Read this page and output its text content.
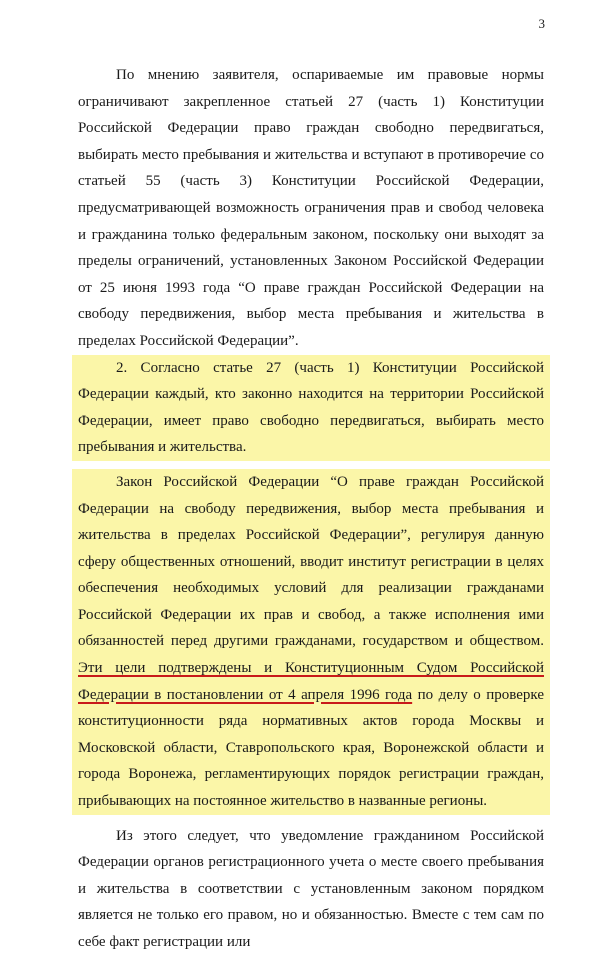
3

По мнению заявителя, оспариваемые им правовые нормы ограничивают закрепленное статьей 27 (часть 1) Конституции Российской Федерации право граждан свободно передвигаться, выбирать место пребывания и жительства и вступают в противоречие со статьей 55 (часть 3) Конституции Российской Федерации, предусматривающей возможность ограничения прав и свобод человека и гражданина только федеральным законом, поскольку они выходят за пределы ограничений, установленных Законом Российской Федерации от 25 июня 1993 года “О праве граждан Российской Федерации на свободу передвижения, выбор места пребывания и жительства в пределах Российской Федерации”.

2. Согласно статье 27 (часть 1) Конституции Российской Федерации каждый, кто законно находится на территории Российской Федерации, имеет право свободно передвигаться, выбирать место пребывания и жительства.

Закон Российской Федерации “О праве граждан Российской Федерации на свободу передвижения, выбор места пребывания и жительства в пределах Российской Федерации”, регулируя данную сферу общественных отношений, вводит институт регистрации в целях обеспечения необходимых условий для реализации гражданами Российской Федерации их прав и свобод, а также исполнения ими обязанностей перед другими гражданами, государством и обществом. Эти цели подтверждены и Конституционным Судом Российской Федерации в постановлении от 4 апреля 1996 года по делу о проверке конституционности ряда нормативных актов города Москвы и Московской области, Ставропольского края, Воронежской области и города Воронежа, регламентирующих порядок регистрации граждан, прибывающих на постоянное жительство в названные регионы.

Из этого следует, что уведомление гражданином Российской Федерации органов регистрационного учета о месте своего пребывания и жительства в соответствии с установленным законом порядком является не только его правом, но и обязанностью. Вместе с тем сам по себе факт регистрации или
